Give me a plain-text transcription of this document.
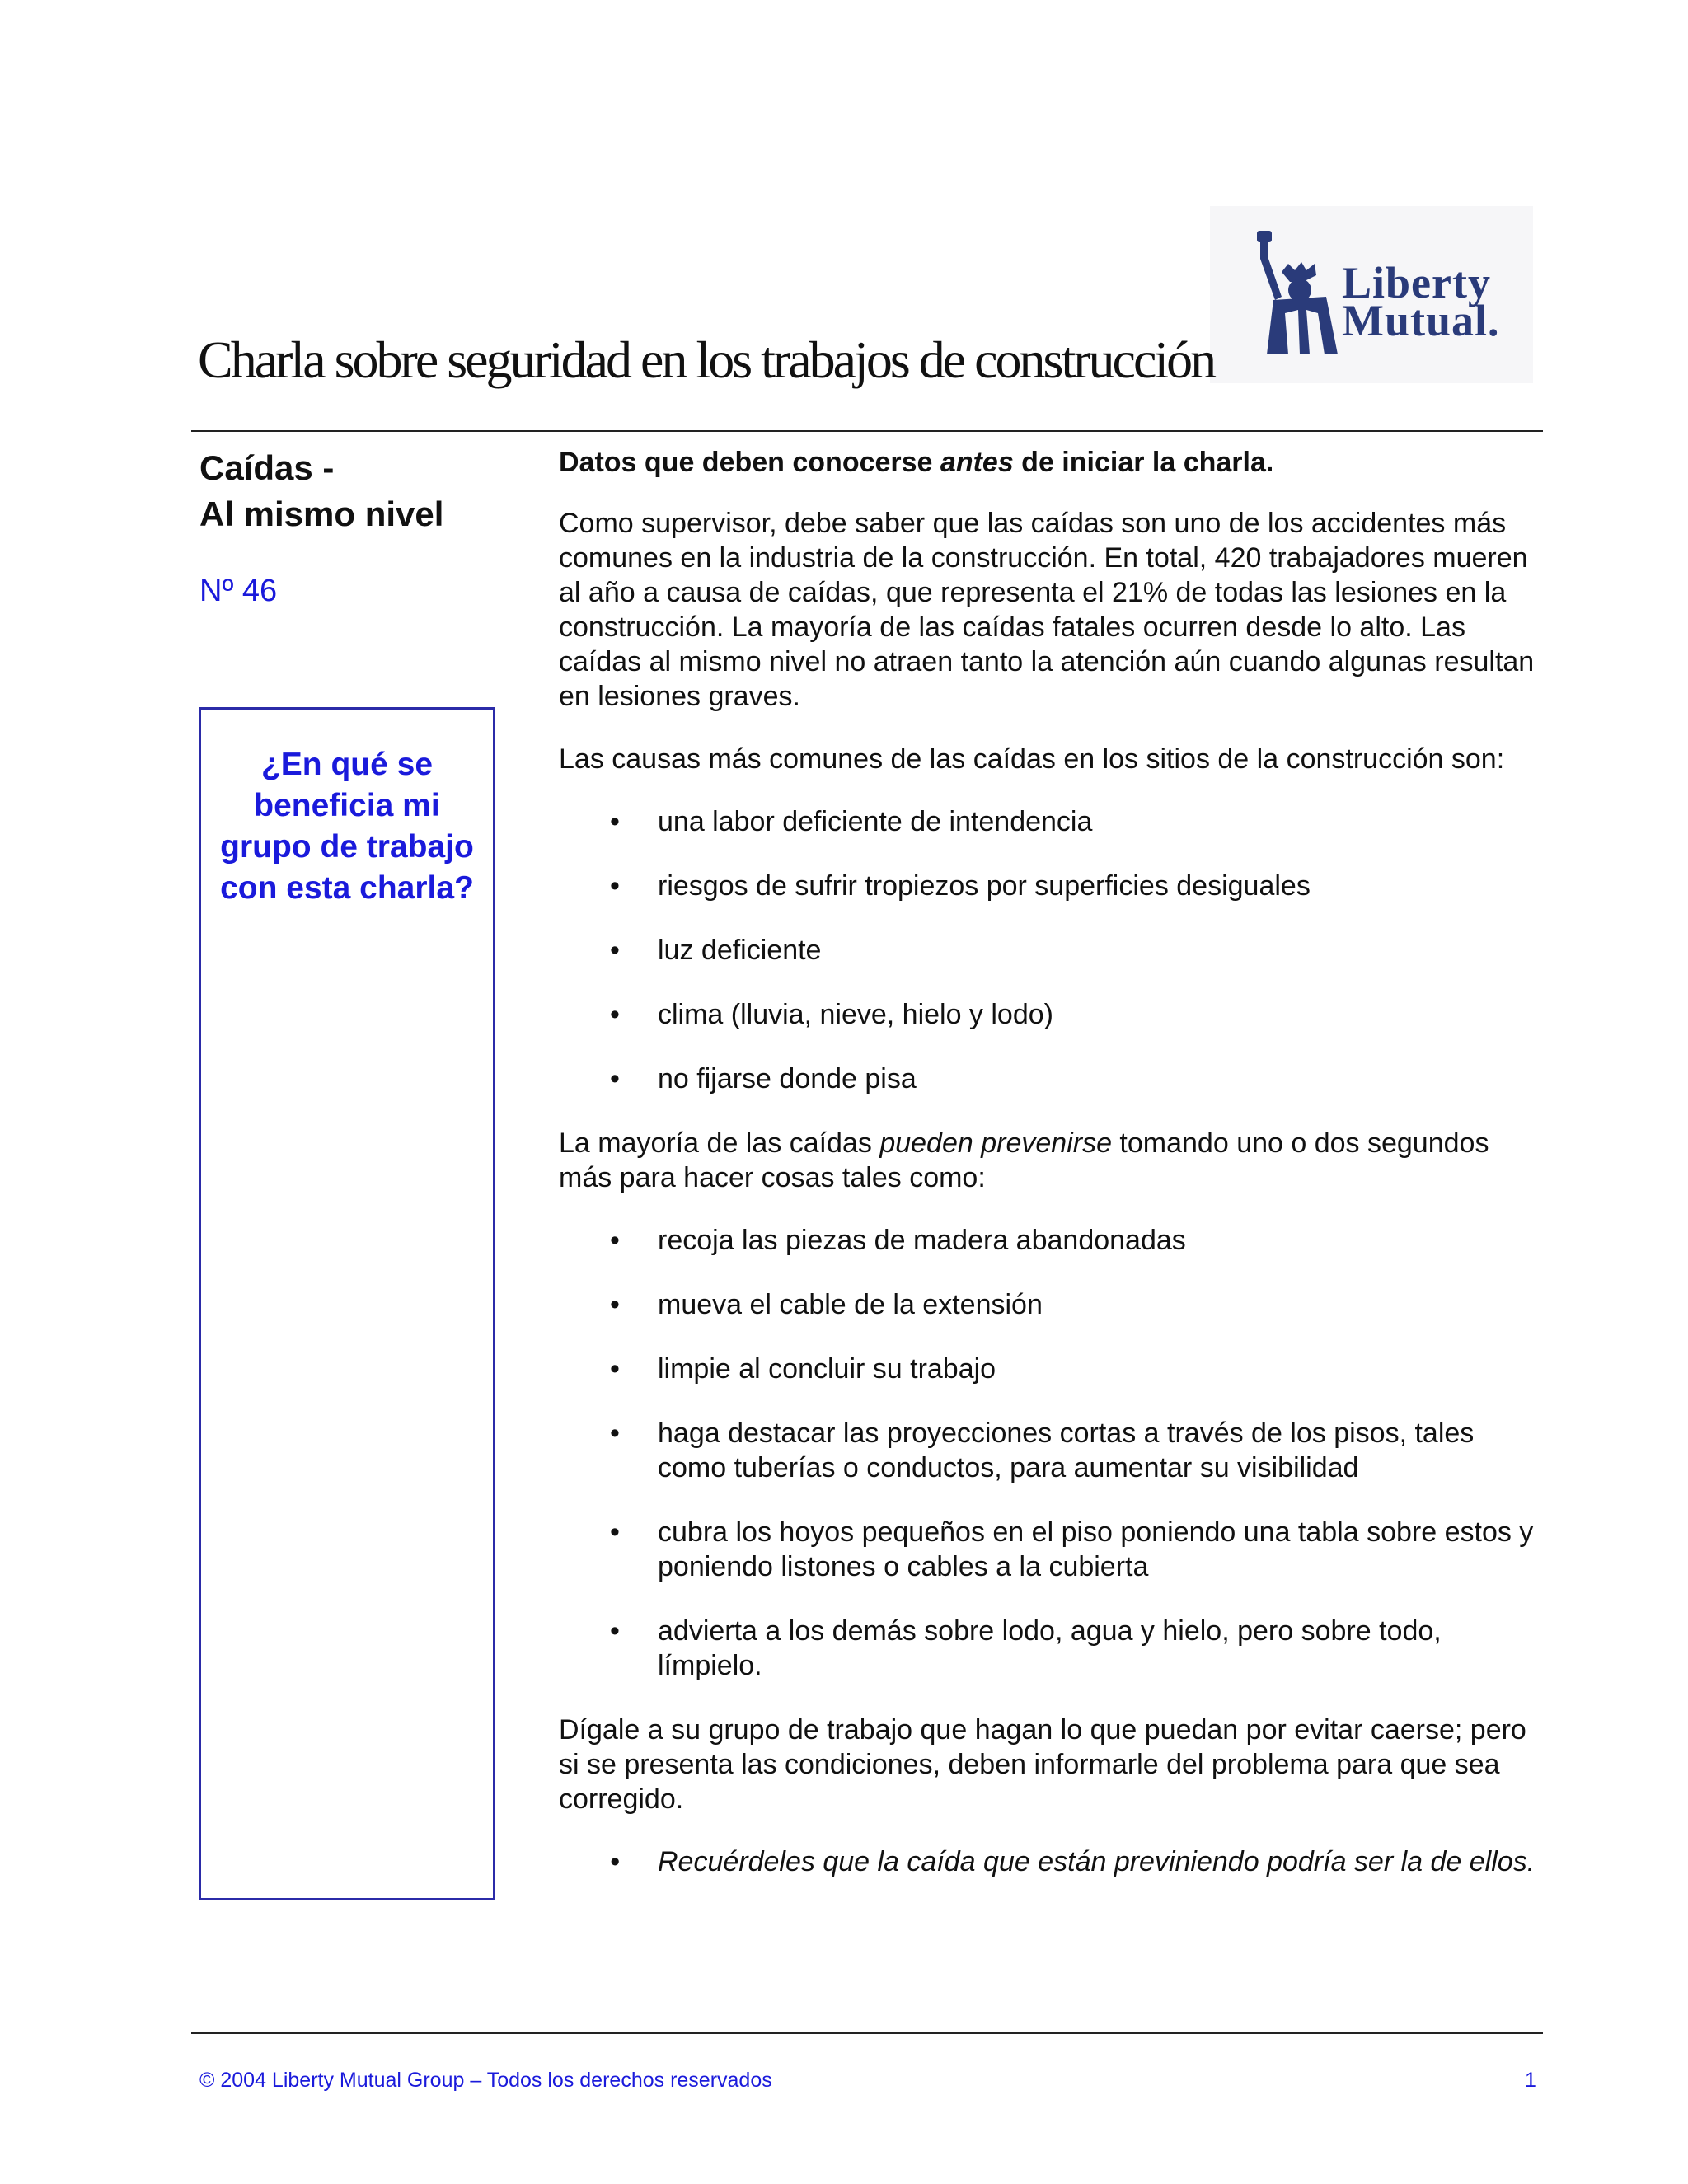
Liberty
Mutual.
Charla sobre seguridad en los trabajos de construcción
Caídas -
Al mismo nivel
Nº 46
¿En qué se beneficia mi grupo de trabajo con esta charla?

Datos que deben conocerse antes de iniciar la charla.

Como supervisor, debe saber que las caídas son uno de los accidentes más comunes en la industria de la construcción. En total, 420 trabajadores mueren al año a causa de caídas, que representa el 21% de todas las lesiones en la construcción. La mayoría de las caídas fatales ocurren desde lo alto. Las caídas al mismo nivel no atraen tanto la atención aún cuando algunas resultan en lesiones graves.

Las causas más comunes de las caídas en los sitios de la construcción son:

• una labor deficiente de intendencia
• riesgos de sufrir tropiezos por superficies desiguales
• luz deficiente
• clima (lluvia, nieve, hielo y lodo)
• no fijarse donde pisa

La mayoría de las caídas pueden prevenirse tomando uno o dos segundos más para hacer cosas tales como:

• recoja las piezas de madera abandonadas
• mueva el cable de la extensión
• limpie al concluir su trabajo
• haga destacar las proyecciones cortas a través de los pisos, tales como tuberías o conductos, para aumentar su visibilidad
• cubra los hoyos pequeños en el piso poniendo una tabla sobre estos y poniendo listones o cables a la cubierta
• advierta a los demás sobre lodo, agua y hielo, pero sobre todo, límpielo.

Dígale a su grupo de trabajo que hagan lo que puedan por evitar caerse; pero si se presenta las condiciones, deben informarle del problema para que sea corregido.

• Recuérdeles que la caída que están previniendo podría ser la de ellos.
© 2004 Liberty Mutual Group – Todos los derechos reservados	1
